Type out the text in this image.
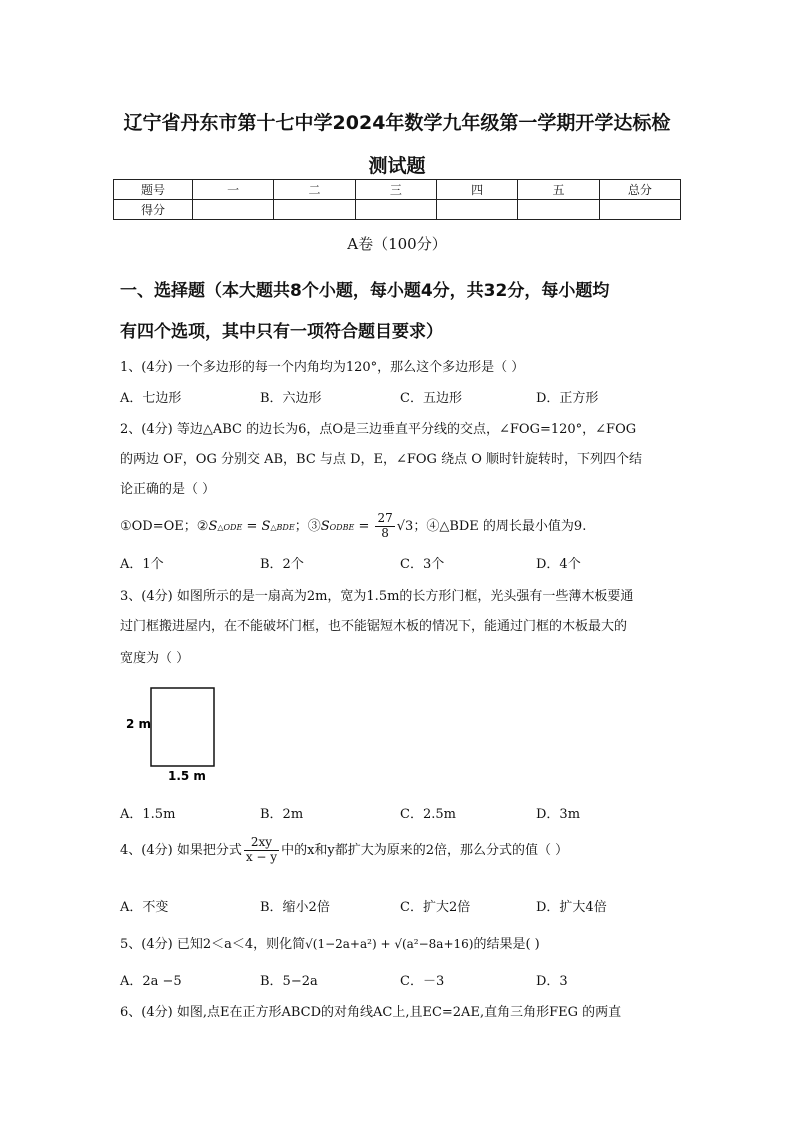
辽宁省丹东市第十七中学2024年数学九年级第一学期开学达标检
测试题
题号	一	二	三	四	五	总分
得分						
A卷（100分）
一、选择题（本大题共8个小题，每小题4分，共32分，每小题均
有四个选项，其中只有一项符合题目要求）
1、(4分) 一个多边形的每一个内角均为120°，那么这个多边形是（ ）
A．七边形	B．六边形	C．五边形	D．正方形
2、(4分) 等边△ABC 的边长为6，点O是三边垂直平分线的交点，∠FOG=120°，∠FOG
的两边 OF，OG 分别交 AB，BC 与点 D，E，∠FOG 绕点 O 顺时针旋转时，下列四个结
论正确的是（ ）
①OD=OE；②S△ODE = S△BDE；③SODBE = $\frac{27}{8} √3$；④△BDE 的周长最小值为9.
A．1个	B．2个	C．3个	D．4个
3、(4分) 如图所示的是一扇高为2m，宽为1.5m的长方形门框，光头强有一些薄木板要通
过门框搬进屋内，在不能破坏门框，也不能锯短木板的情况下，能通过门框的木板最大的
宽度为（ ）
2 m
1.5 m
A．1.5m	B．2m	C．2.5m	D．3m
4、(4分) 如果把分式 $\frac{2xy}{x - y}$ 中的x和y都扩大为原来的2倍，那么分式的值（ ）
A．不变	B．缩小2倍	C．扩大2倍	D．扩大4倍
5、(4分) 已知2＜a＜4，则化简√(1−2a+a²) + √(a²−8a+16)的结果是( )
A．2a −5	B．5−2a	C．－3	D．3
6、(4分) 如图,点E在正方形ABCD的对角线AC上,且EC=2AE,直角三角形FEG 的两直
